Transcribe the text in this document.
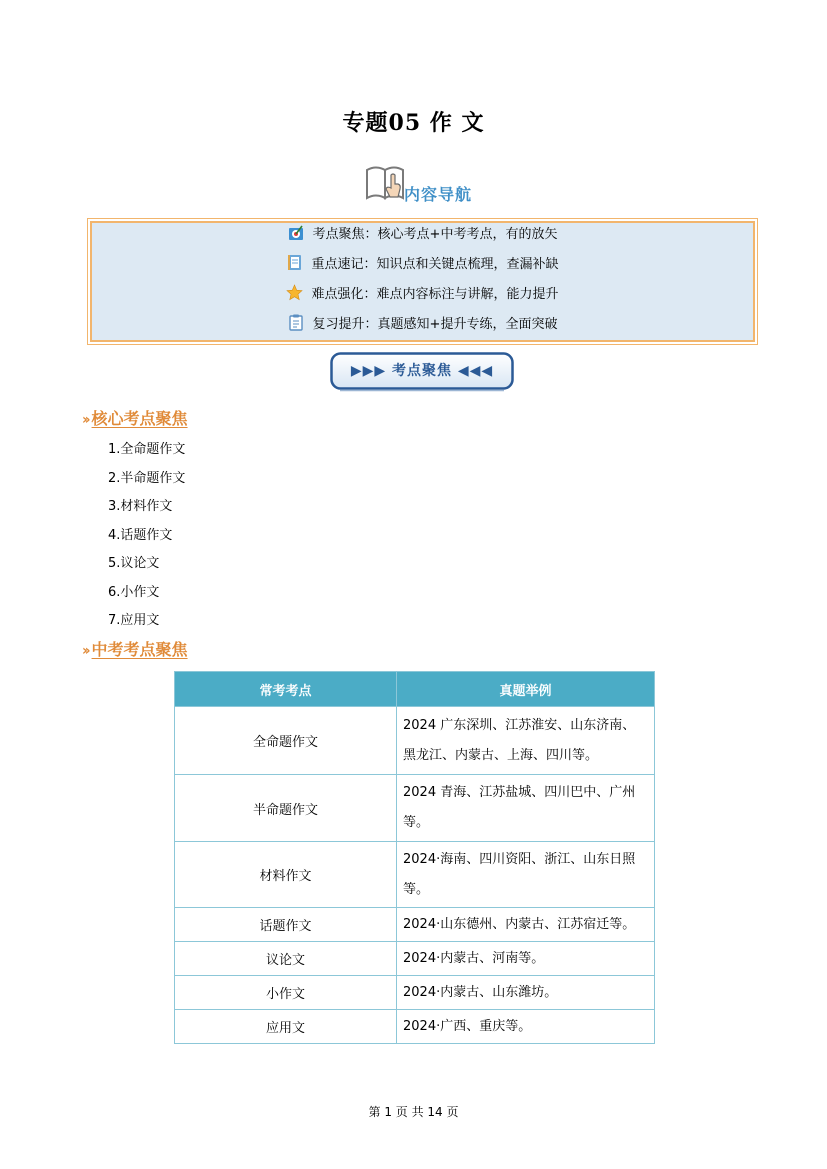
专题05 作 文
内容导航
考点聚焦：核心考点+中考考点，有的放矢
重点速记：知识点和关键点梳理，查漏补缺
难点强化：难点内容标注与讲解，能力提升
复习提升：真题感知+提升专练，全面突破
▶▶▶ 考点聚焦 ◀◀◀
›› 核心考点聚焦
1.全命题作文
2.半命题作文
3.材料作文
4.话题作文
5.议论文
6.小作文
7.应用文
›› 中考考点聚焦
常考考点	真题举例
全命题作文	2024 广东深圳、江苏淮安、山东济南、黑龙江、内蒙古、上海、四川等。
半命题作文	2024 青海、江苏盐城、四川巴中、广州等。
材料作文	2024·海南、四川资阳、浙江、山东日照等。
话题作文	2024·山东德州、内蒙古、江苏宿迁等。
议论文	2024·内蒙古、河南等。
小作文	2024·内蒙古、山东潍坊。
应用文	2024·广西、重庆等。
第 1 页 共 14 页
